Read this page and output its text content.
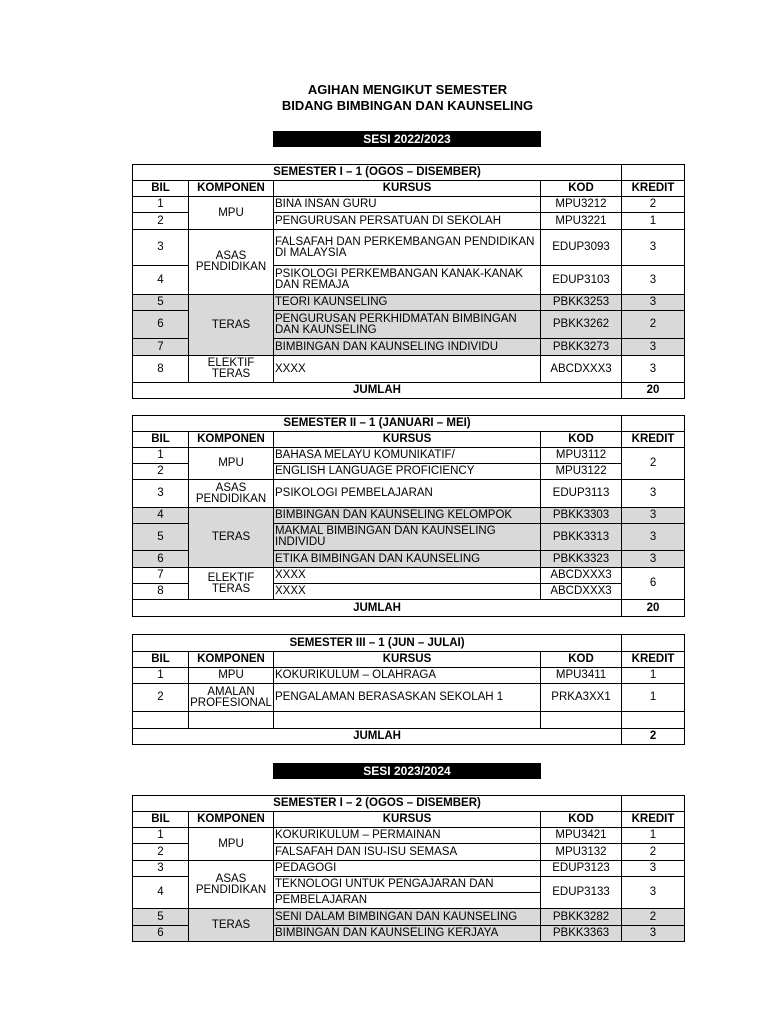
AGIHAN MENGIKUT SEMESTER
BIDANG BIMBINGAN DAN KAUNSELING
SESI 2022/2023
SEMESTER I – 1 (OGOS – DISEMBER)				
BIL	KOMPONEN	KURSUS	KOD	KREDIT
1	MPU	BINA INSAN GURU	MPU3212	2
2		PENGURUSAN PERSATUAN DI SEKOLAH	MPU3221	1
3	ASAS PENDIDIKAN	FALSAFAH DAN PERKEMBANGAN PENDIDIKAN DI MALAYSIA	EDUP3093	3
4		PSIKOLOGI PERKEMBANGAN KANAK-KANAK DAN REMAJA	EDUP3103	3
5	TERAS	TEORI KAUNSELING	PBKK3253	3
6		PENGURUSAN PERKHIDMATAN BIMBINGAN DAN KAUNSELING	PBKK3262	2
7		BIMBINGAN DAN KAUNSELING INDIVIDU	PBKK3273	3
8	ELEKTIF TERAS	XXXX	ABCDXXX3	3
JUMLAH				20
SEMESTER II – 1 (JANUARI – MEI)				
BIL	KOMPONEN	KURSUS	KOD	KREDIT
1	MPU	BAHASA MELAYU KOMUNIKATIF/	MPU3112	2
2		ENGLISH LANGUAGE PROFICIENCY	MPU3122	
3	ASAS PENDIDIKAN	PSIKOLOGI PEMBELAJARAN	EDUP3113	3
4	TERAS	BIMBINGAN DAN KAUNSELING KELOMPOK	PBKK3303	3
5		MAKMAL BIMBINGAN DAN KAUNSELING INDIVIDU	PBKK3313	3
6		ETIKA BIMBINGAN DAN KAUNSELING	PBKK3323	3
7	ELEKTIF TERAS	XXXX	ABCDXXX3	6
8		XXXX	ABCDXXX3	
JUMLAH				20
SEMESTER III – 1 (JUN – JULAI)				
BIL	KOMPONEN	KURSUS	KOD	KREDIT
1	MPU	KOKURIKULUM – OLAHRAGA	MPU3411	1
2	AMALAN PROFESIONAL	PENGALAMAN BERASASKAN SEKOLAH 1	PRKA3XX1	1

JUMLAH				2
SESI 2023/2024
SEMESTER I – 2 (OGOS – DISEMBER)				
BIL	KOMPONEN	KURSUS	KOD	KREDIT
1	MPU	KOKURIKULUM – PERMAINAN	MPU3421	1
2		FALSAFAH DAN ISU-ISU SEMASA	MPU3132	2
3	ASAS PENDIDIKAN	PEDAGOGI	EDUP3123	3
4		TEKNOLOGI UNTUK PENGAJARAN DAN	EDUP3133	3
		PEMBELAJARAN		
5	TERAS	SENI DALAM BIMBINGAN DAN KAUNSELING	PBKK3282	2
6		BIMBINGAN DAN KAUNSELING KERJAYA	PBKK3363	3
